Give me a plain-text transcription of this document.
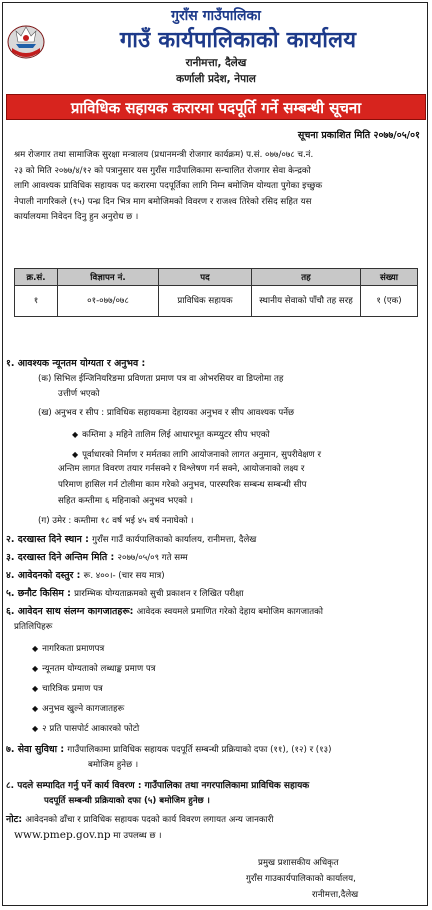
गुराँस गाउँपालिका
गाउँ कार्यपालिकाको कार्यालय
रानीमत्ता, दैलेख
कर्णाली प्रदेश, नेपाल
प्राविधिक सहायक करारमा पदपूर्ति गर्ने सम्बन्धी सूचना
सूचना प्रकाशित मिति २०७७/०५/०१
श्रम रोजगार तथा सामाजिक सुरक्षा मन्त्रालय (प्रधानमन्त्री रोजगार कार्यक्रम) प.सं. ०७७/०७८ च.नं.
२३ को मिति २०७७/४/१२ को पत्रानुसार यस गुराँस गाउँपालिकामा सन्चालित रोजगार सेवा केन्द्रको
लागि आवश्यक प्राविधिक सहायक पद करारमा पदपूर्तिका लागि निम्न बमोजिम योग्यता पुगेका इच्छुक
नेपाली नागरिकले (१५) पन्ध्र दिन भित्र माग बमोजिमको विवरण र राजश्व तिरेको रसिद सहित यस
कार्यालयमा निवेदन दिनु हुन अनुरोध छ ।
क्र.सं.	विज्ञापन नं.	पद	तह	संख्या
१	०१-०७७/०७८	प्राविधिक सहायक	स्थानीय सेवाको पाँचौ तह सरह	१ (एक)
१. आवश्यक न्यूनतम योग्यता र अनुभव :
(क) सिभिल ईन्जिनियरिङमा प्रविणता प्रमाण पत्र वा ओभरसियर वा डिप्लोमा तह
उत्तीर्ण भएको
(ख) अनुभव र सीप : प्राविधिक सहायकमा देहायका अनुभव र सीप आवश्यक पर्नेछ
◆ कम्तिमा ३ महिने तालिम लिई आधारभूत कम्प्युटर सीप भएको
◆ पूर्वाधारको निर्माण र मर्मतका लागि आयोजनाको लागत अनुमान, सुपरीवेक्षण र
अन्तिम लागत विवरण तयार गर्नसक्ने र विश्लेषण गर्न सक्ने, आयोजनाको लक्ष्य र
परिमाण हासिल गर्न टोलीमा काम गरेको अनुभव, पारस्परिक सम्बन्ध सम्बन्धी सीप
सहित कम्तीमा ६ महिनाको अनुभव भएको ।
(ग) उमेर : कम्तीमा १८ वर्ष भई ४५ वर्ष ननाघेको ।
२. दरखास्त दिने स्थान : गुराँस गाउँ कार्यपालिकाको कार्यालय, रानीमत्ता, दैलेख
३. दरखास्त दिने अन्तिम मिति : २०७७/०५/०९ गते सम्म
४. आवेदनको दस्तुर : रू. ४००।- (चार सय मात्र)
५. छनौट किसिम : प्रारम्भिक योग्यताक्रमको सुची प्रकाशन र लिखित परीक्षा
६. आवेदन साथ संलग्न कागजातहरू: आवेदक स्वयमले प्रमाणित गरेको देहाय बमोजिम कागजातको
प्रतिलिपिहरू
◆ नागरिकता प्रमाणपत्र
◆ न्यूनतम योग्यताको लब्धाङ्क प्रमाण पत्र
◆ चारित्रिक प्रमाण पत्र
◆ अनुभव खुल्ने कागजातहरू
◆ २ प्रति पासपोर्ट आकारको फोटो
७. सेवा सुविधा : गाउँपालिकामा प्राविधिक सहायक पदपूर्ति सम्बन्धी प्रक्रियाको दफा (११), (१२) र (१३)
बमोजिम हुनेछ ।
८. पदले सम्पादित गर्नु पर्ने कार्य विवरण : गाउँपालिका तथा नगरपालिकामा प्राविधिक सहायक
पदपूर्ति सम्बन्धी प्रक्रियाको दफा (५) बमोजिम हुनेछ ।
नोट: आवेदनको ढाँचा र प्राविधिक सहायक पदको कार्य विवरण लगायत अन्य जानकारी
www.pmep.gov.np मा उपलब्ध छ ।
प्रमुख प्रशासकीय अधिकृत
गुराँस गाउकार्यपालिकाको कार्यालय,
रानीमत्ता,दैलेख
